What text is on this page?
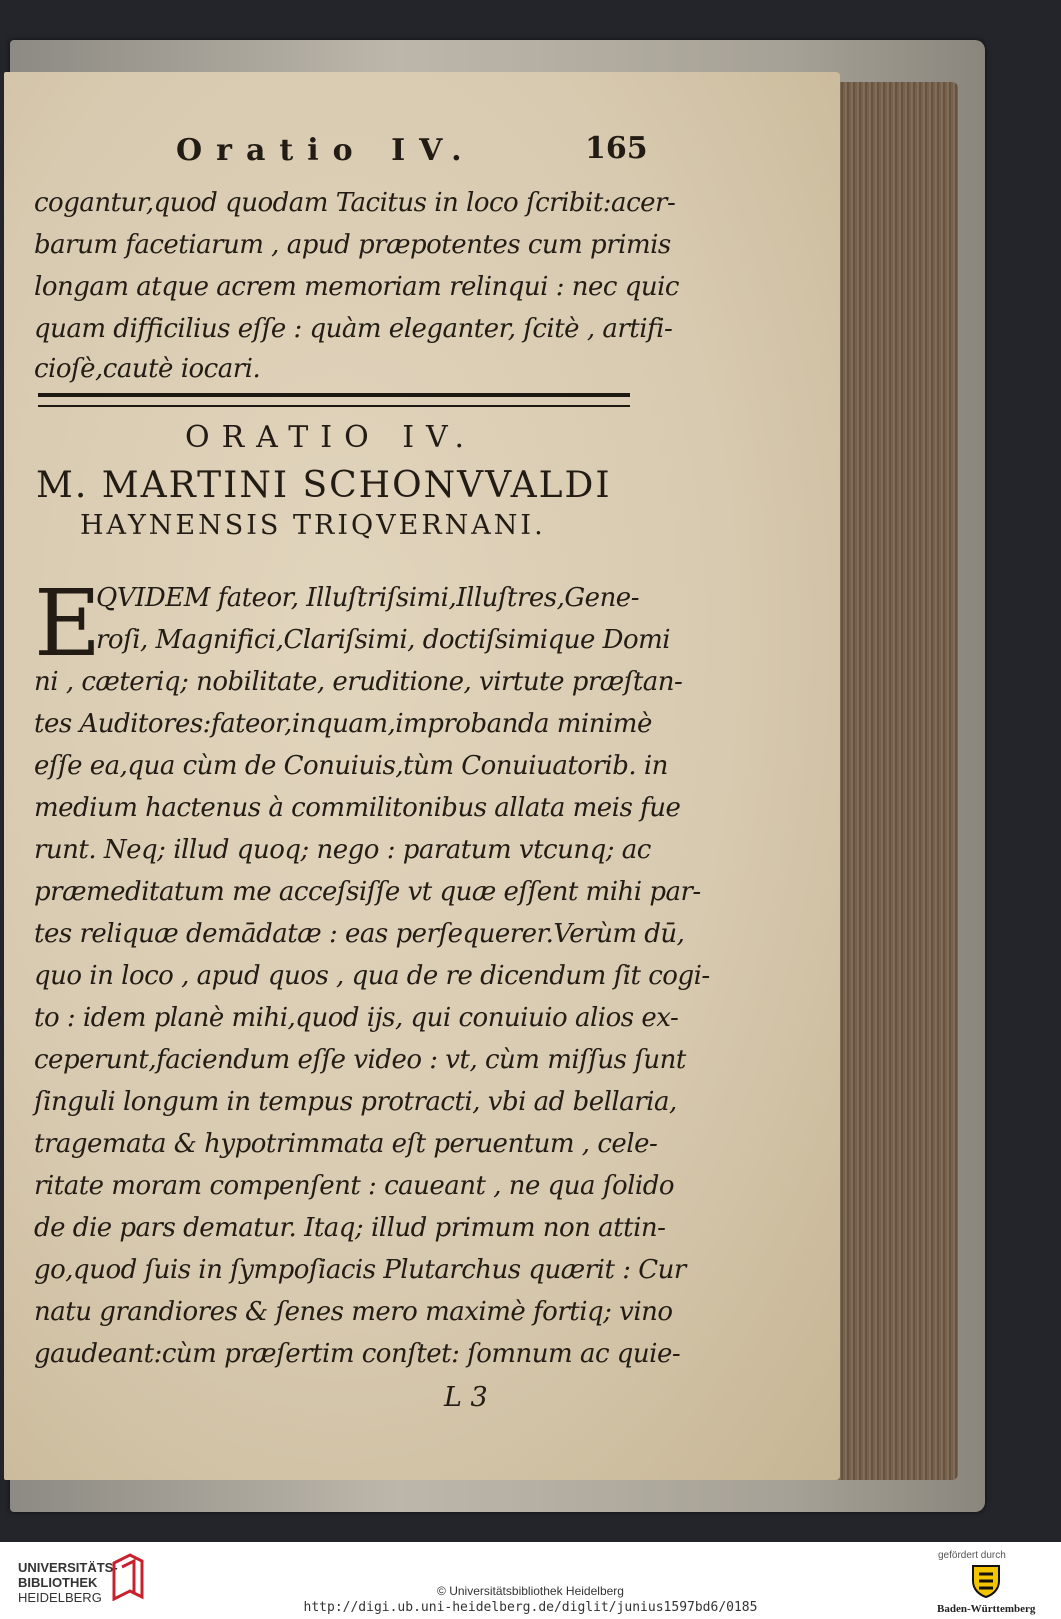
Oratio IV.	165
cogantur,quod quodam Tacitus in loco ſcribit:acer-
barum facetiarum , apud præpotentes cum primis
longam atque acrem memoriam relinqui : nec quic
quam difficilius eſſe : quàm eleganter, ſcitè , artifi-
cioſè,cautè iocari.
ORATIO IV.
M. MARTINI SCHONVVALDI
HAYNENSIS TRIQVERNANI.
E
QVIDEM fateor, Illuſtriſsimi,Illuſtres,Gene-
roſi, Magnifici,Clariſsimi, doctiſsimique Domi
ni , cæteriq; nobilitate, eruditione, virtute præſtan-
tes Auditores:fateor,inquam,improbanda minimè
eſſe ea,qua cùm de Conuiuis,tùm Conuiuatorib. in
medium hactenus à commilitonibus allata meis fue
runt. Neq; illud quoq; nego : paratum vtcunq; ac
præmeditatum me acceſsiſſe vt quæ eſſent mihi par-
tes reliquæ demādatæ : eas perſequerer.Verùm dū,
quo in loco , apud quos , qua de re dicendum ſit cogi-
to : idem planè mihi,quod ijs, qui conuiuio alios ex-
ceperunt,faciendum eſſe video : vt, cùm miſſus ſunt
ſinguli longum in tempus protracti, vbi ad bellaria,
tragemata & hypotrimmata eſt peruentum , cele-
ritate moram compenſent : caueant , ne qua ſolido
de die pars dematur. Itaq; illud primum non attin-
go,quod ſuis in ſympoſiacis Plutarchus quærit : Cur
natu grandiores & ſenes mero maximè fortiq; vino
gaudeant:cùm præſertim conſtet: ſomnum ac quie-
L 3
UNIVERSITÄTS-
BIBLIOTHEK
HEIDELBERG	© Universitätsbibliothek Heidelberg
http://digi.ub.uni-heidelberg.de/diglit/junius1597bd6/0185
gefördert durch
Baden-Württemberg
